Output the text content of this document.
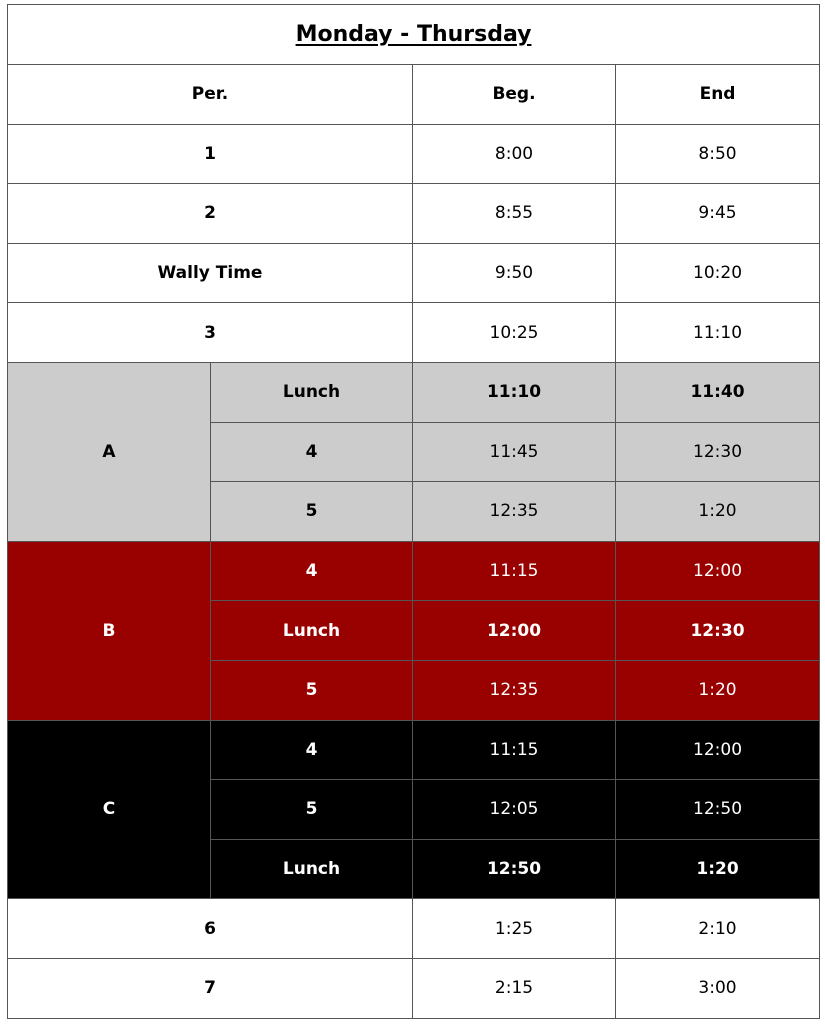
Monday - Thursday			
Per.		Beg.	End
1		8:00	8:50
2		8:55	9:45
Wally Time		9:50	10:20
3		10:25	11:10
A	Lunch	11:10	11:40
	4	11:45	12:30
	5	12:35	1:20
B	4	11:15	12:00
	Lunch	12:00	12:30
	5	12:35	1:20
C	4	11:15	12:00
	5	12:05	12:50
	Lunch	12:50	1:20
6		1:25	2:10
7		2:15	3:00
